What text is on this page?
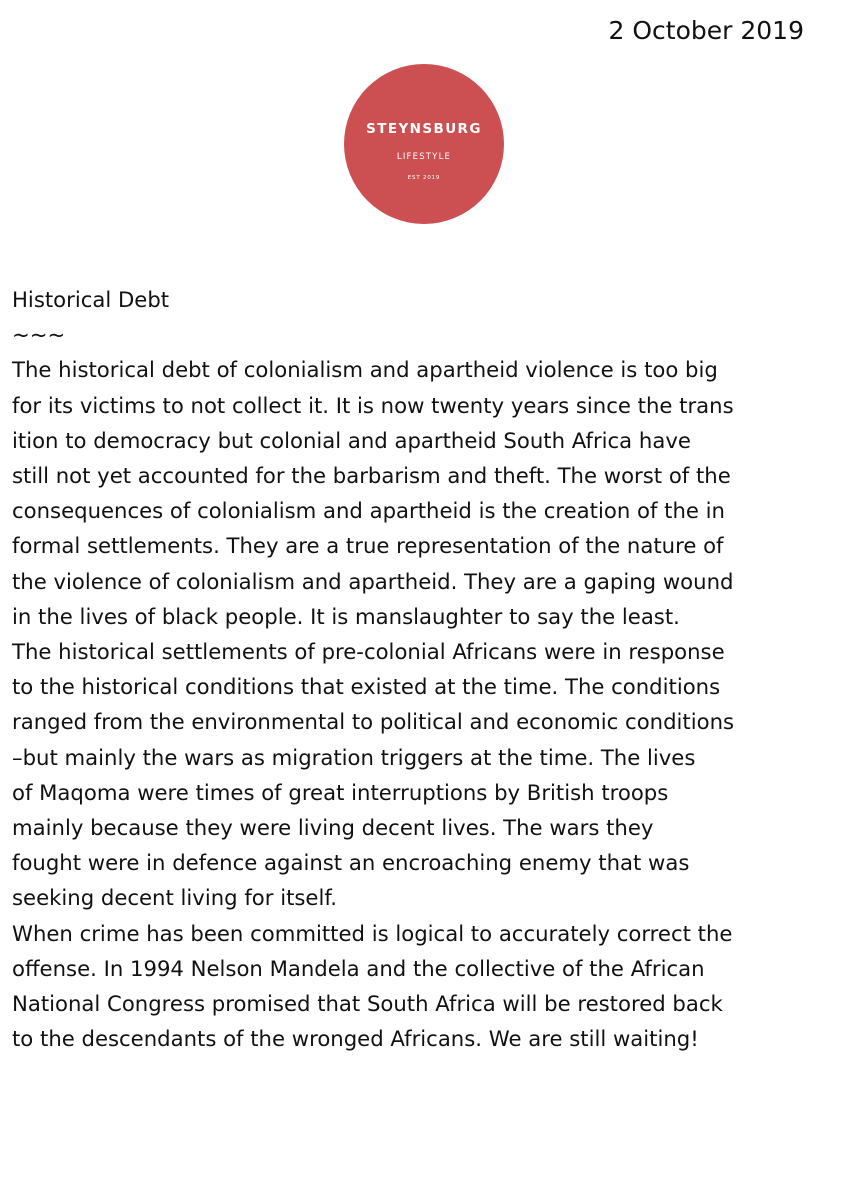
2 October 2019
STEYNSBURG
LIFESTYLE
EST 2019
Historical Debt
~~~
The historical debt of colonialism and apartheid violence is too big
for its victims to not collect it. It is now twenty years since the trans
ition to democracy but colonial and apartheid South Africa have
still not yet accounted for the barbarism and theft. The worst of the
consequences of colonialism and apartheid is the creation of the in
formal settlements. They are a true representation of the nature of
the violence of colonialism and apartheid. They are a gaping wound
in the lives of black people. It is manslaughter to say the least.
The historical settlements of pre-colonial Africans were in response
to the historical conditions that existed at the time. The conditions
ranged from the environmental to political and economic conditions
–but mainly the wars as migration triggers at the time. The lives
of Maqoma were times of great interruptions by British troops
mainly because they were living decent lives. The wars they
fought were in defence against an encroaching enemy that was
seeking decent living for itself.
When crime has been committed is logical to accurately correct the
offense. In 1994 Nelson Mandela and the collective of the African
National Congress promised that South Africa will be restored back
to the descendants of the wronged Africans. We are still waiting!
